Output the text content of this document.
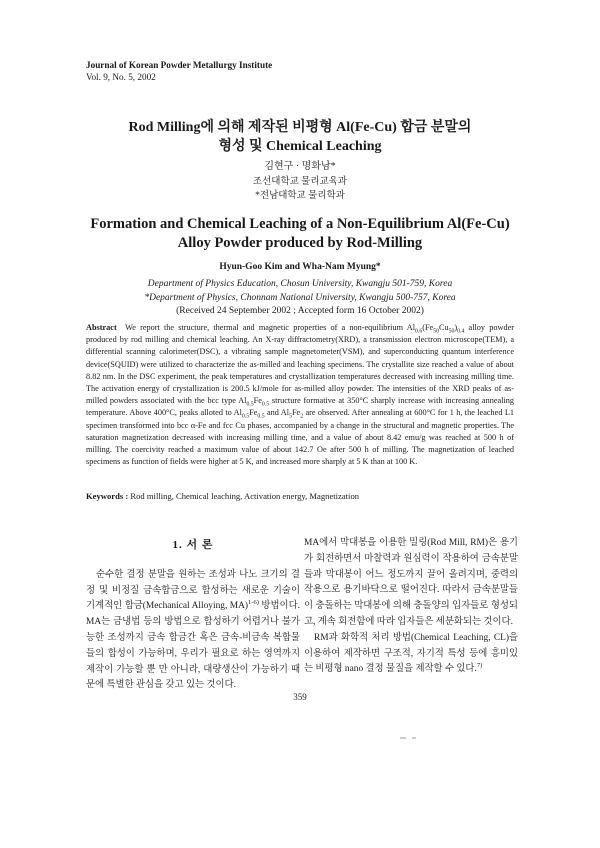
Journal of Korean Powder Metallurgy Institute
Vol. 9, No. 5, 2002
Rod Milling에 의해 제작된 비평형 Al(Fe-Cu) 합금 분말의
형성 및 Chemical Leaching
김현구 · 명화남*
조선대학교 물리교육과
*전남대학교 물리학과
Formation and Chemical Leaching of a Non-Equilibrium Al(Fe-Cu)
Alloy Powder produced by Rod-Milling
Hyun-Goo Kim and Wha-Nam Myung*
Department of Physics Education, Chosun University, Kwangju 501-759, Korea
*Department of Physics, Chonnam National University, Kwangju 500-757, Korea
(Received 24 September 2002 ; Accepted form 16 October 2002)
Abstract We report the structure, thermal and magnetic properties of a non-equilibrium $Al_{0.6}(Fe_{50}Cu_{50})_{0.4}$ alloy powder produced by rod milling and chemical leaching. An X-ray diffractometry(XRD), a transmission electron microscope(TEM), a differential scanning calorimeter(DSC), a vibrating sample magnetometer(VSM), and superconducting quantum interference device(SQUID) were utilized to characterize the as-milled and leaching specimens. The crystallite size reached a value of about 8.82 nm. In the DSC experiment, the peak temperatures and crystallization temperatures decreased with increasing milling time. The activation energy of crystallization is 200.5 kJ/mole for as-milled alloy powder. The intensities of the XRD peaks of as-milled powders associated with the bcc type $Al_{0.5}Fe_{0.5}$ structure formative at 350°C sharply increase with increasing annealing temperature. Above 400°C, peaks alloted to $Al_{0.5}Fe_{0.5}$ and $Al_5Fe_2$ are observed. After annealing at 600°C for 1 h, the leached L1 specimen transformed into bcc α-Fe and fcc Cu phases, accompanied by a change in the structural and magnetic properties. The saturation magnetization decreased with increasing milling time, and a value of about 8.42 emu/g was reached at 500 h of milling. The coercivity reached a maximum value of about 142.7 Oe after 500 h of milling. The magnetization of leached specimens as function of fields were higher at 5 K, and increased more sharply at 5 K than at 100 K.
Keywords : Rod milling, Chemical leaching, Activation energy, Magnetization
1. 서 론

순수한 결정 분말을 원하는 조성과 나노 크기의 결정 및 비정질 금속합금으로 합성하는 새로운 기술이 기계적인 합금(Mechanical Alloying, MA)$^{1-6)}$ 방법이다. MA는 금냉법 등의 방법으로 합성하기 어렵거나 불가능한 조성까지 금속 합금간 혹은 금속-비금속 복합물들의 합성이 가능하며, 우리가 필요로 하는 영역까지 제작이 가능할 뿐 만 아니라, 대량생산이 가능하기 때문에 특별한 관심을 갖고 있는 것이다.

MA에서 막대봉을 이용한 밀링(Rod Mill, RM)은 용기가 회전하면서 마찰력과 원심력이 작용하여 금속분말들과 막대봉이 어느 정도까지 끌어 올려지며, 중력의 작용으로 용기바닥으로 떨어진다. 따라서 금속분말들이 충돌하는 막대봉에 의해 충돌양의 입자들로 형성되고, 계속 회전함에 따라 입자들은 세분화되는 것이다.

RM과 화학적 처리 방법(Chemical Leaching, CL)을 이용하여 제작하면 구조적, 자기적 특성 등에 흥미있는 비평형 nano 결정 물질을 제작할 수 있다.$^{7)}$

359
